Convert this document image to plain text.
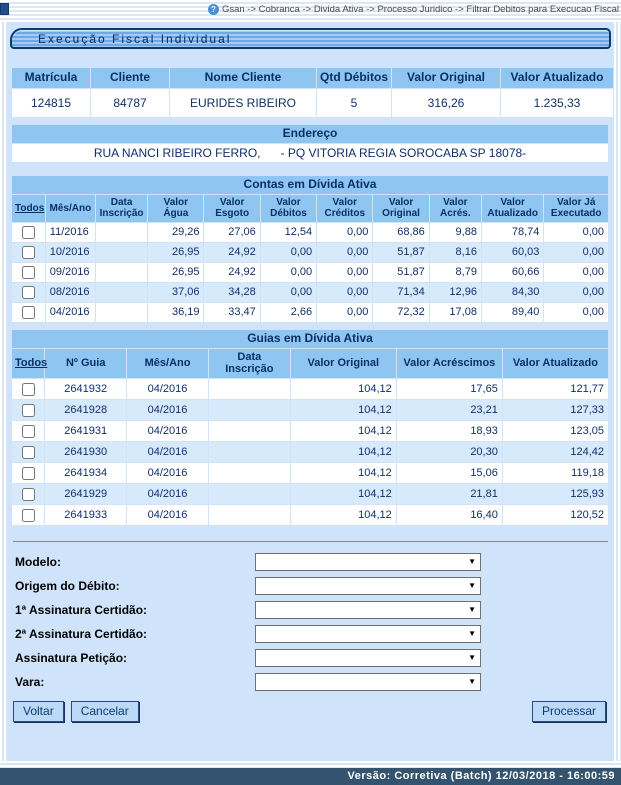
? Gsan -> Cobranca -> Divida Ativa -> Processo Juridico -> Filtrar Debitos para Execucao Fiscal
Execução Fiscal Individual
Matrícula	Cliente	Nome Cliente	Qtd Débitos	Valor Original	Valor Atualizado
124815	84787	EURIDES RIBEIRO	5	316,26	1.235,33
Endereço
RUA NANCI RIBEIRO FERRO,      - PQ VITORIA REGIA SOROCABA SP 18078-
Contas em Dívida Ativa										
Todos	Mês/Ano	Data Inscrição	Valor Água	Valor Esgoto	Valor Débitos	Valor Créditos	Valor Original	Valor Acrés.	Valor Atualizado	Valor Já Executado
	11/2016		29,26	27,06	12,54	0,00	68,86	9,88	78,74	0,00
	10/2016		26,95	24,92	0,00	0,00	51,87	8,16	60,03	0,00
	09/2016		26,95	24,92	0,00	0,00	51,87	8,79	60,66	0,00
	08/2016		37,06	34,28	0,00	0,00	71,34	12,96	84,30	0,00
	04/2016		36,19	33,47	2,66	0,00	72,32	17,08	89,40	0,00
Guias em Dívida Ativa						
Todos	Nº Guia	Mês/Ano	Data Inscrição	Valor Original	Valor Acréscimos	Valor Atualizado
	2641932	04/2016		104,12	17,65	121,77
	2641928	04/2016		104,12	23,21	127,33
	2641931	04/2016		104,12	18,93	123,05
	2641930	04/2016		104,12	20,30	124,42
	2641934	04/2016		104,12	15,06	119,18
	2641929	04/2016		104,12	21,81	125,93
	2641933	04/2016		104,12	16,40	120,52
Modelo:	▼
Origem do Débito:	▼
1ª Assinatura Certidão:	▼
2ª Assinatura Certidão:	▼
Assinatura Petição:	▼
Vara:	▼
Voltar	Cancelar	Processar
Versão: Corretiva (Batch) 12/03/2018 - 16:00:59
